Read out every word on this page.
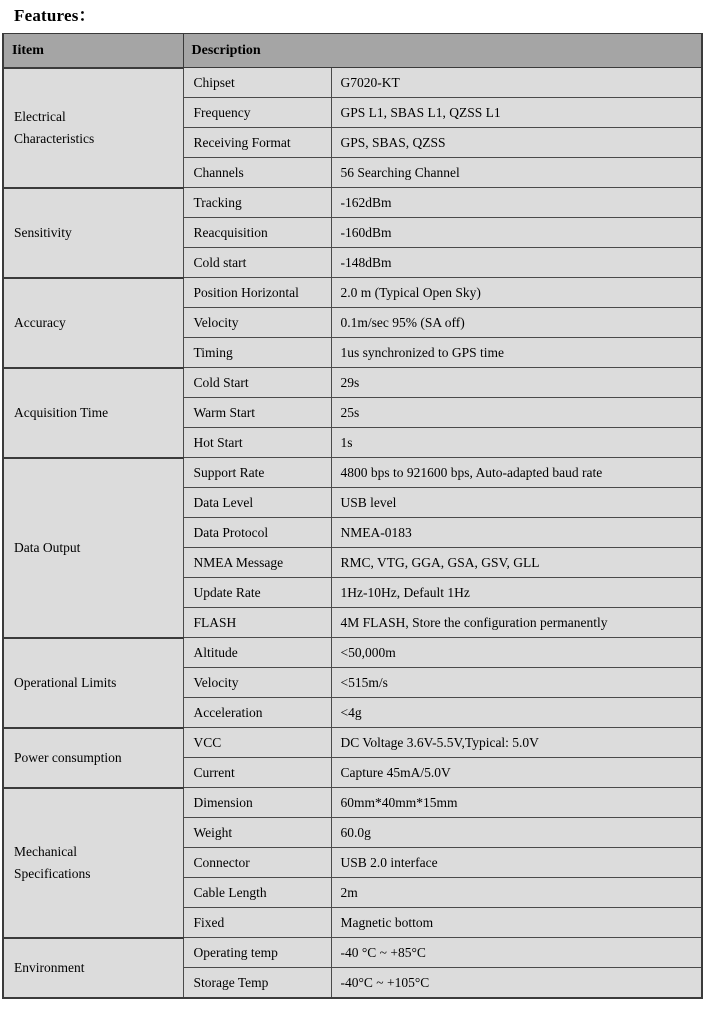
Features：
Iitem	Description	
Electrical
Characteristics	Chipset	G7020-KT
	Frequency	GPS L1, SBAS L1, QZSS L1
	Receiving Format	GPS, SBAS, QZSS
	Channels	56 Searching Channel
Sensitivity	Tracking	-162dBm
	Reacquisition	-160dBm
	Cold start	-148dBm
Accuracy	Position Horizontal	2.0 m (Typical Open Sky)
	Velocity	0.1m/sec 95% (SA off)
	Timing	1us synchronized to GPS time
Acquisition Time	Cold Start	29s
	Warm Start	25s
	Hot Start	1s
Data Output	Support Rate	4800 bps to 921600 bps, Auto-adapted baud rate
	Data Level	USB level
	Data Protocol	NMEA-0183
	NMEA Message	RMC, VTG, GGA, GSA, GSV, GLL
	Update Rate	1Hz-10Hz, Default 1Hz
	FLASH	4M FLASH, Store the configuration permanently
Operational Limits	Altitude	<50,000m
	Velocity	<515m/s
	Acceleration	<4g
Power consumption	VCC	DC Voltage 3.6V-5.5V,Typical: 5.0V
	Current	Capture 45mA/5.0V
Mechanical
Specifications	Dimension	60mm*40mm*15mm
	Weight	60.0g
	Connector	USB 2.0 interface
	Cable Length	2m
	Fixed	Magnetic bottom
Environment	Operating temp	-40 °C ~ +85°C
	Storage Temp	-40°C ~ +105°C
